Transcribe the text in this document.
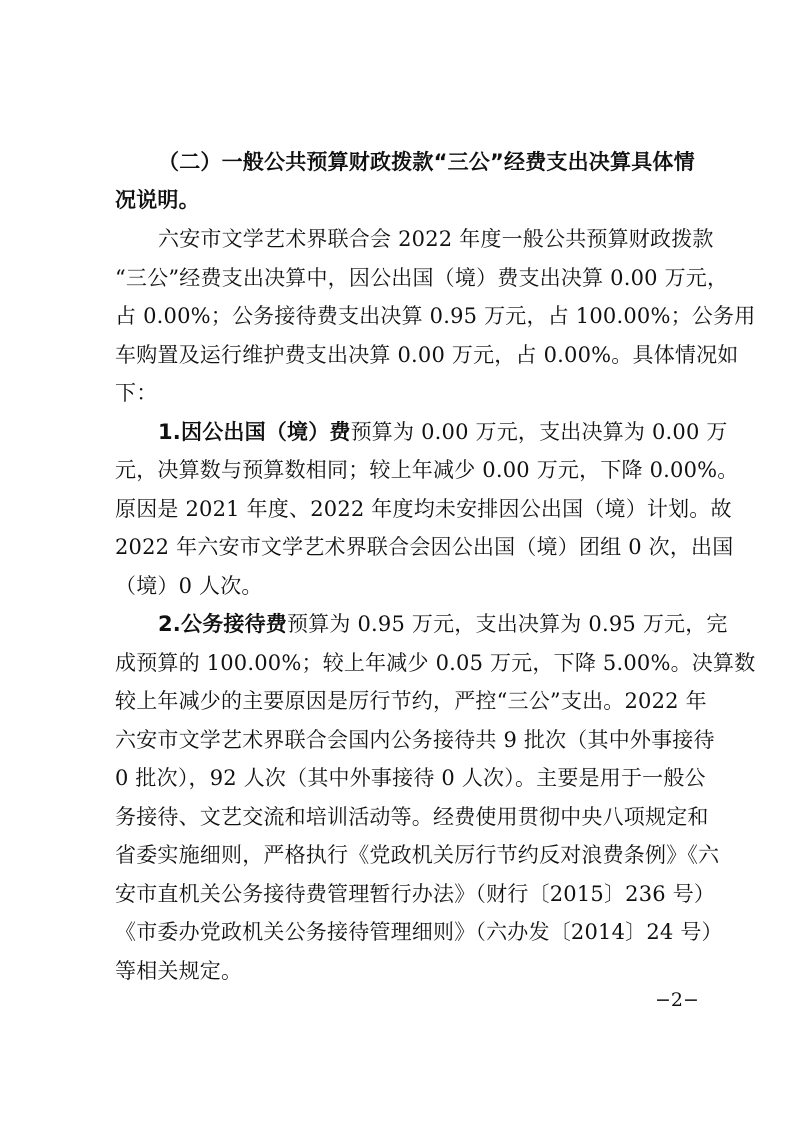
（二）一般公共预算财政拨款“三公”经费支出决算具体情
况说明。
六安市文学艺术界联合会 2022 年度一般公共预算财政拨款
“三公”经费支出决算中，因公出国（境）费支出决算 0.00 万元，
占 0.00%；公务接待费支出决算 0.95 万元，占 100.00%；公务用
车购置及运行维护费支出决算 0.00 万元，占 0.00%。具体情况如
下：
1.因公出国（境）费预算为 0.00 万元，支出决算为 0.00 万
元，决算数与预算数相同；较上年减少 0.00 万元，下降 0.00%。
原因是 2021 年度、2022 年度均未安排因公出国（境）计划。故
2022 年六安市文学艺术界联合会因公出国（境）团组 0 次，出国
（境）0 人次。
2.公务接待费预算为 0.95 万元，支出决算为 0.95 万元，完
成预算的 100.00%；较上年减少 0.05 万元，下降 5.00%。决算数
较上年减少的主要原因是厉行节约，严控“三公”支出。2022 年
六安市文学艺术界联合会国内公务接待共 9 批次（其中外事接待
0 批次），92 人次（其中外事接待 0 人次）。主要是用于一般公
务接待、文艺交流和培训活动等。经费使用贯彻中央八项规定和
省委实施细则，严格执行《党政机关厉行节约反对浪费条例》《六
安市直机关公务接待费管理暂行办法》（财行〔2015〕236 号）
《市委办党政机关公务接待管理细则》（六办发〔2014〕24 号）
等相关规定。
−2−
